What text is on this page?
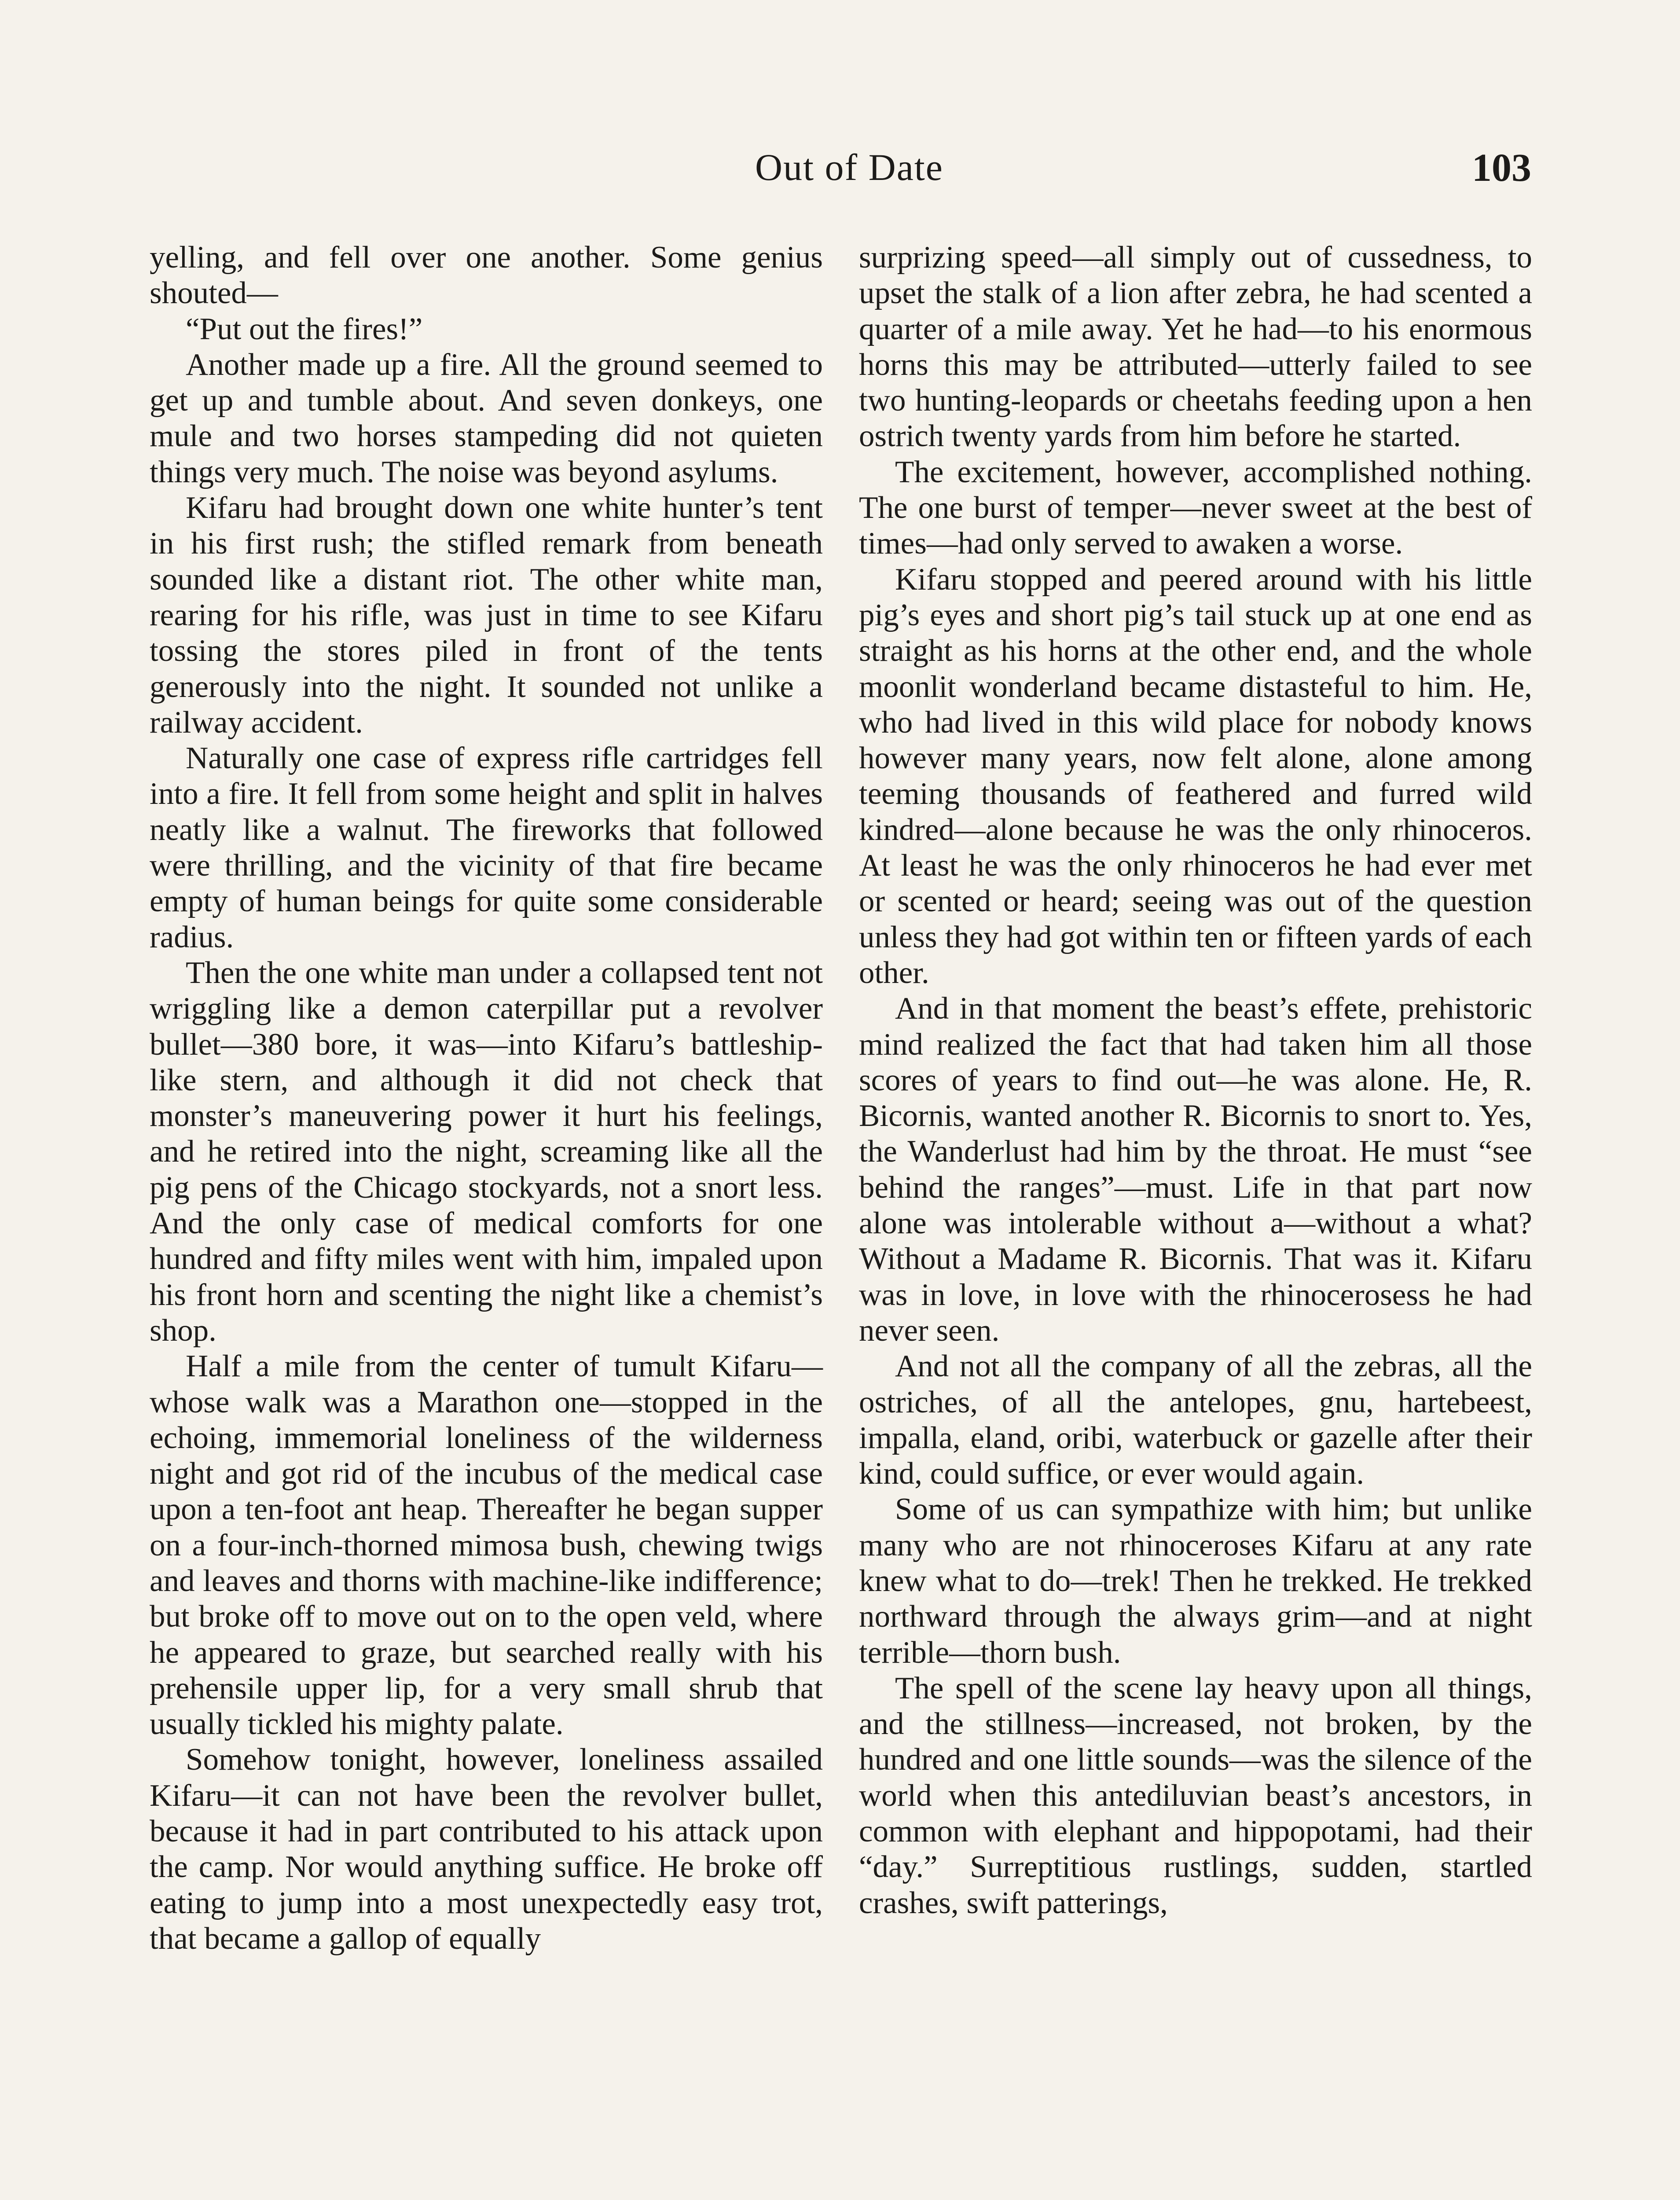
Out of Date	103

yelling, and fell over one another. Some genius shouted—

“Put out the fires!”

Another made up a fire. All the ground seemed to get up and tumble about. And seven donkeys, one mule and two horses stampeding did not quieten things very much. The noise was beyond asylums.

Kifaru had brought down one white hunter’s tent in his first rush; the stifled remark from beneath sounded like a distant riot. The other white man, rearing for his rifle, was just in time to see Kifaru tossing the stores piled in front of the tents generously into the night. It sounded not unlike a railway accident.

Naturally one case of express rifle cartridges fell into a fire. It fell from some height and split in halves neatly like a walnut. The fireworks that followed were thrilling, and the vicinity of that fire became empty of human beings for quite some considerable radius.

Then the one white man under a collapsed tent not wriggling like a demon caterpillar put a revolver bullet—380 bore, it was—into Kifaru’s battleship-like stern, and although it did not check that monster’s maneuvering power it hurt his feelings, and he retired into the night, screaming like all the pig pens of the Chicago stockyards, not a snort less. And the only case of medical comforts for one hundred and fifty miles went with him, impaled upon his front horn and scenting the night like a chemist’s shop.

Half a mile from the center of tumult Kifaru—whose walk was a Marathon one—stopped in the echoing, immemorial loneliness of the wilderness night and got rid of the incubus of the medical case upon a ten-foot ant heap. Thereafter he began supper on a four-inch-thorned mimosa bush, chewing twigs and leaves and thorns with machine-like indifference; but broke off to move out on to the open veld, where he appeared to graze, but searched really with his prehensile upper lip, for a very small shrub that usually tickled his mighty palate.

Somehow tonight, however, loneliness assailed Kifaru—it can not have been the revolver bullet, because it had in part contributed to his attack upon the camp. Nor would anything suffice. He broke off eating to jump into a most unexpectedly easy trot, that became a gallop of equally

surprizing speed—all simply out of cussedness, to upset the stalk of a lion after zebra, he had scented a quarter of a mile away. Yet he had—to his enormous horns this may be attributed—utterly failed to see two hunting-leopards or cheetahs feeding upon a hen ostrich twenty yards from him before he started.

The excitement, however, accomplished nothing. The one burst of temper—never sweet at the best of times—had only served to awaken a worse.

Kifaru stopped and peered around with his little pig’s eyes and short pig’s tail stuck up at one end as straight as his horns at the other end, and the whole moonlit wonderland became distasteful to him. He, who had lived in this wild place for nobody knows however many years, now felt alone, alone among teeming thousands of feathered and furred wild kindred—alone because he was the only rhinoceros. At least he was the only rhinoceros he had ever met or scented or heard; seeing was out of the question unless they had got within ten or fifteen yards of each other.

And in that moment the beast’s effete, prehistoric mind realized the fact that had taken him all those scores of years to find out—he was alone. He, R. Bicornis, wanted another R. Bicornis to snort to. Yes, the Wanderlust had him by the throat. He must “see behind the ranges”—must. Life in that part now alone was intolerable without a—without a what? Without a Madame R. Bicornis. That was it. Kifaru was in love, in love with the rhinocerosess he had never seen.

And not all the company of all the zebras, all the ostriches, of all the antelopes, gnu, hartebeest, impalla, eland, oribi, waterbuck or gazelle after their kind, could suffice, or ever would again.

Some of us can sympathize with him; but unlike many who are not rhinoceroses Kifaru at any rate knew what to do—trek! Then he trekked. He trekked northward through the always grim—and at night terrible—thorn bush.

The spell of the scene lay heavy upon all things, and the stillness—increased, not broken, by the hundred and one little sounds—was the silence of the world when this antediluvian beast’s ancestors, in common with elephant and hippopotami, had their “day.” Surreptitious rustlings, sudden, startled crashes, swift patterings,
